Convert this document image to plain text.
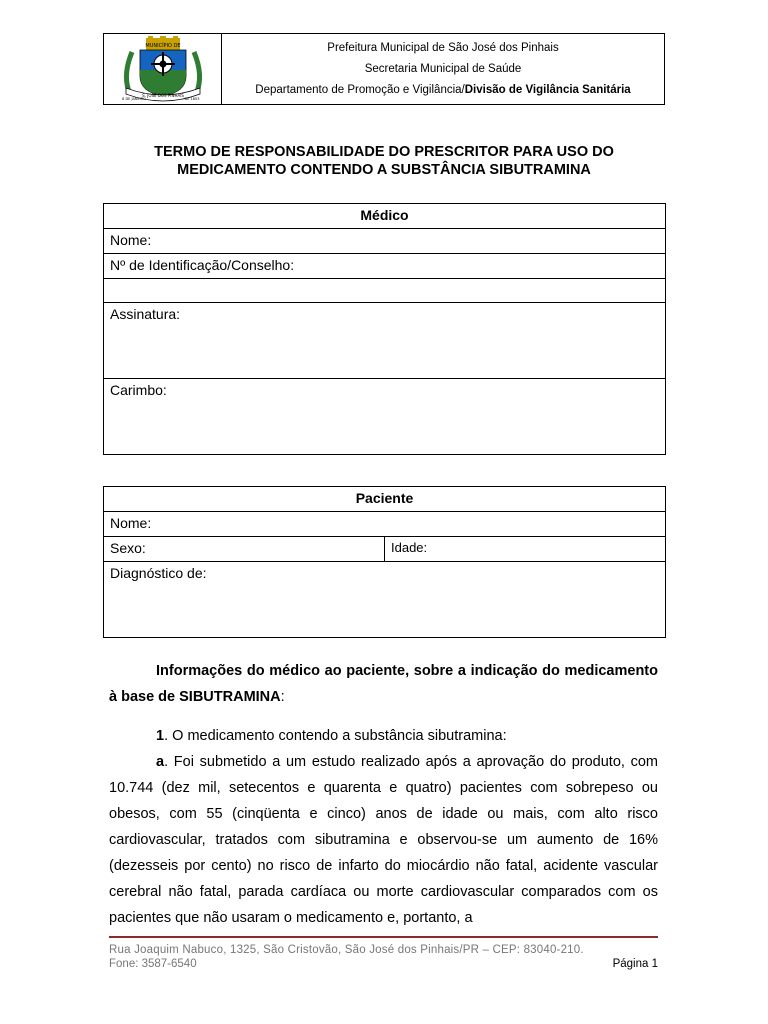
MUNICÍPIO DE
S. JOSÉ DOS PINHAIS
8 DE JANEIRO	DE 1853
Prefeitura Municipal de São José dos Pinhais
Secretaria Municipal de Saúde
Departamento de Promoção e Vigilância/Divisão de Vigilância Sanitária
TERMO DE RESPONSABILIDADE DO PRESCRITOR PARA USO DO
MEDICAMENTO CONTENDO A SUBSTÂNCIA SIBUTRAMINA
Médico
Nome:
Nº de Identificação/Conselho:

Assinatura:
Carimbo:
Paciente
Nome:
Sexo:	Idade:
Diagnóstico de:

Informações do médico ao paciente, sobre a indicação do medicamento à base de SIBUTRAMINA:

1. O medicamento contendo a substância sibutramina:

a. Foi submetido a um estudo realizado após a aprovação do produto, com 10.744 (dez mil, setecentos e quarenta e quatro) pacientes com sobrepeso ou obesos, com 55 (cinqüenta e cinco) anos de idade ou mais, com alto risco cardiovascular, tratados com sibutramina e observou-se um aumento de 16% (dezesseis por cento) no risco de infarto do miocárdio não fatal, acidente vascular cerebral não fatal, parada cardíaca ou morte cardiovascular comparados com os pacientes que não usaram o medicamento e, portanto, a

Rua Joaquim Nabuco, 1325, São Cristovão, São José dos Pinhais/PR – CEP: 83040-210.
Fone: 3587-6540	Página 1
